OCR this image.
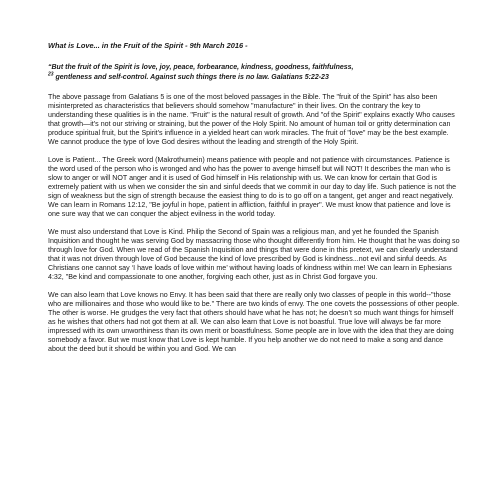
What is Love... in the Fruit of the Spirit - 9th March 2016 -
“But the fruit of the Spirit is love, joy, peace, forbearance, kindness, goodness, faithfulness,
$^{23}$ gentleness and self-control. Against such things there is no law. Galatians 5:22-23
The above passage from Galatians 5 is one of the most beloved passages in the Bible. The "fruit of the Spirit" has also been misinterpreted as characteristics that believers should somehow "manufacture" in their lives. On the contrary the key to understanding these qualities is in the name. "Fruit" is the natural result of growth. And "of the Spirit" explains exactly Who causes that growth—it’s not our striving or straining, but the power of the Holy Spirit. No amount of human toil or gritty determination can produce spiritual fruit, but the Spirit’s influence in a yielded heart can work miracles. The fruit of "love" may be the best example. We cannot produce the type of love God desires without the leading and strength of the Holy Spirit.
Love is Patient... The Greek word (Makrothumein) means patience with people and not patience with circumstances. Patience is the word used of the person who is wronged and who has the power to avenge himself but will NOT! It describes the man who is slow to anger or will NOT anger and it is used of God himself in His relationship with us. We can know for certain that God is extremely patient with us when we consider the sin and sinful deeds that we commit in our day to day life. Such patience is not the sign of weakness but the sign of strength because the easiest thing to do is to go off on a tangent, get anger and react negatively. We can learn in Romans 12:12, "Be joyful in hope, patient in affliction, faithful in prayer". We must know that patience and love is one sure way that we can conquer the abject evilness in the world today.
We must also understand that Love is Kind. Philip the Second of Spain was a religious man, and yet he founded the Spanish Inquisition and thought he was serving God by massacring those who thought differently from him. He thought that he was doing so through love for God. When we read of the Spanish Inquisition and things that were done in this pretext, we can clearly understand that it was not driven through love of God because the kind of love prescribed by God is kindness...not evil and sinful deeds. As Christians one cannot say ‘I have loads of love within me’ without having loads of kindness within me! We can learn in Ephesians 4:32, "Be kind and compassionate to one another, forgiving each other, just as in Christ God forgave you.
We can also learn that Love knows no Envy. It has been said that there are really only two classes of people in this world--"those who are millionaires and those who would like to be." There are two kinds of envy. The one covets the possessions of other people. The other is worse. He grudges the very fact that others should have what he has not; he doesn’t so much want things for himself as he wishes that others had not got them at all. We can also learn that Love is not boastful. True love will always be far more impressed with its own unworthiness than its own merit or boastfulness. Some people are in love with the idea that they are doing somebody a favor. But we must know that Love is kept humble. If you help another we do not need to make a song and dance about the deed but it should be within you and God. We can
